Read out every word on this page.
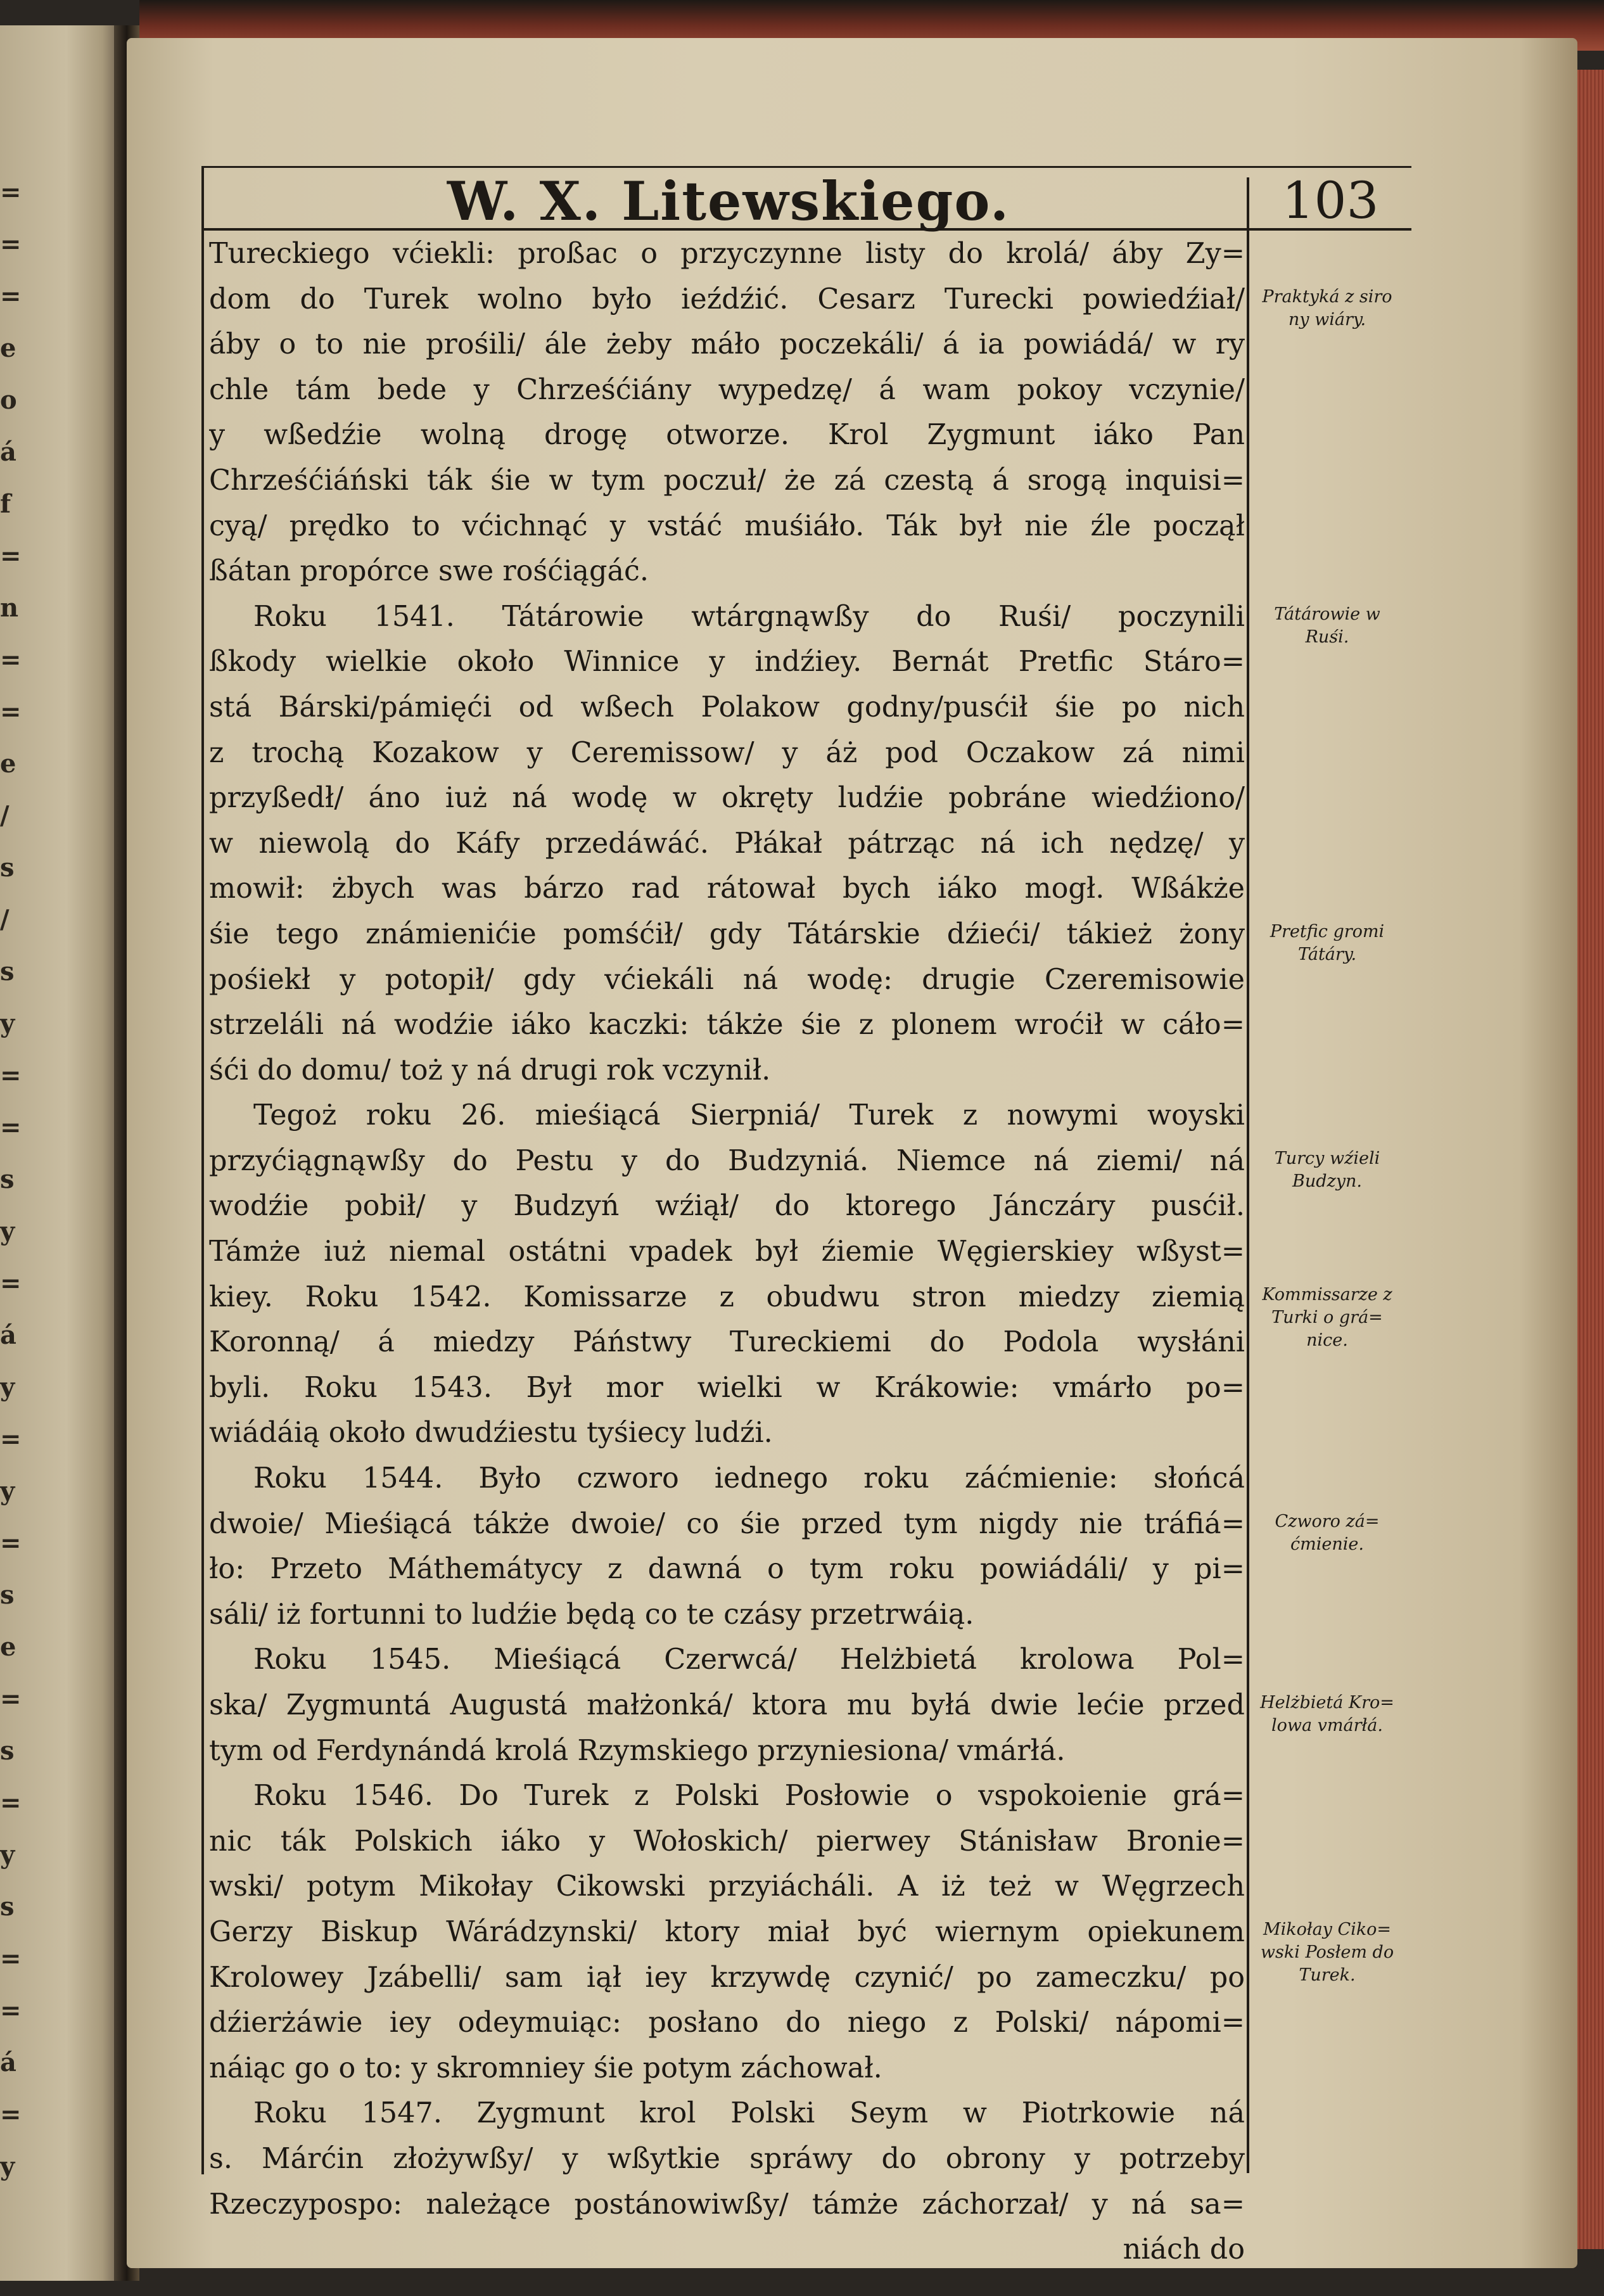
=
=
=
e
o
á
f
=
n
=
=
e
/
s
/
s
y
=
=
s
y
=
á
y
=
y
=
s
e
=
s
=
y
s
=
=
á
=
y
W. X. Litewskiego.	103
Tureckiego vćiekli: proßac o przyczynne listy do krolá/ áby Zy=
dom do Turek wolno było ieźdźić. Cesarz Turecki powiedźiał/
áby o to nie prośili/ ále żeby máło poczekáli/ á ia powiádá/ w ry
chle tám bede y Chrześćiány wypedzę/ á wam pokoy vczynie/
y wßedźie wolną drogę otworze. Krol Zygmunt iáko Pan
Chrześćiáński ták śie w tym poczuł/ że zá czestą á srogą inquisi=
cyą/ prędko to vćichnąć y vstáć muśiáło. Ták był nie źle począł
ßátan propórce swe rośćiągáć.
Roku 1541. Tátárowie wtárgnąwßy do Ruśi/ poczynili
ßkody wielkie około Winnice y indźiey. Bernát Pretfic Stáro=
stá Bárski/pámięći od wßech Polakow godny/pusćił śie po nich
z trochą Kozakow y Ceremissow/ y áż pod Oczakow zá nimi
przyßedł/ áno iuż ná wodę w okręty ludźie pobráne wiedźiono/
w niewolą do Káfy przedáwáć. Płákał pátrząc ná ich nędzę/ y
mowił: żbych was bárzo rad rátował bych iáko mogł. Wßákże
śie tego známienićie pomśćił/ gdy Tátárskie dźieći/ tákież żony
pośiekł y potopił/ gdy vćiekáli ná wodę: drugie Czeremisowie
strzeláli ná wodźie iáko kaczki: tákże śie z plonem wroćił w cáło=
śći do domu/ toż y ná drugi rok vczynił.
Tegoż roku 26. mieśiącá Sierpniá/ Turek z nowymi woyski
przyćiągnąwßy do Pestu y do Budzyniá. Niemce ná ziemi/ ná
wodźie pobił/ y Budzyń wźiął/ do ktorego Jánczáry pusćił.
Támże iuż niemal ostátni vpadek był źiemie Węgierskiey wßyst=
kiey. Roku 1542. Komissarze z obudwu stron miedzy ziemią
Koronną/ á miedzy Páństwy Tureckiemi do Podola wysłáni
byli. Roku 1543. Był mor wielki w Krákowie: vmárło po=
wiádáią około dwudźiestu tyśiecy ludźi.
Roku 1544. Było czworo iednego roku záćmienie: słońcá
dwoie/ Mieśiącá tákże dwoie/ co śie przed tym nigdy nie tráfiá=
ło: Przeto Máthemátycy z dawná o tym roku powiádáli/ y pi=
sáli/ iż fortunni to ludźie będą co te czásy przetrwáią.
Roku 1545. Mieśiącá Czerwcá/ Helżbietá krolowa Pol=
ska/ Zygmuntá Augustá małżonká/ ktora mu byłá dwie lećie przed
tym od Ferdynándá krolá Rzymskiego przyniesiona/ vmárłá.
Roku 1546. Do Turek z Polski Posłowie o vspokoienie grá=
nic ták Polskich iáko y Wołoskich/ pierwey Stánisław Bronie=
wski/ potym Mikołay Cikowski przyiácháli. A iż też w Węgrzech
Gerzy Biskup Wárádzynski/ ktory miał być wiernym opiekunem
Krolowey Jzábelli/ sam iął iey krzywdę czynić/ po zameczku/ po
dźierżáwie iey odeymuiąc: posłano do niego z Polski/ nápomi=
náiąc go o to: y skromniey śie potym záchował.
Roku 1547. Zygmunt krol Polski Seym w Piotrkowie ná
s. Márćin złożywßy/ y wßytkie spráwy do obrony y potrzeby
Rzeczypospo: należące postánowiwßy/ támże záchorzał/ y ná sa=
niách do
Praktyká z siro ny wiáry.
Tátárowie w Ruśi.
Pretfic gromi Tátáry.
Turcy wźieli Budzyn.
Kommissarze z Turki o grá= nice.
Czworo zá= ćmienie.
Helżbietá Kro= lowa vmárłá.
Mikołay Ciko= wski Posłem do Turek.
